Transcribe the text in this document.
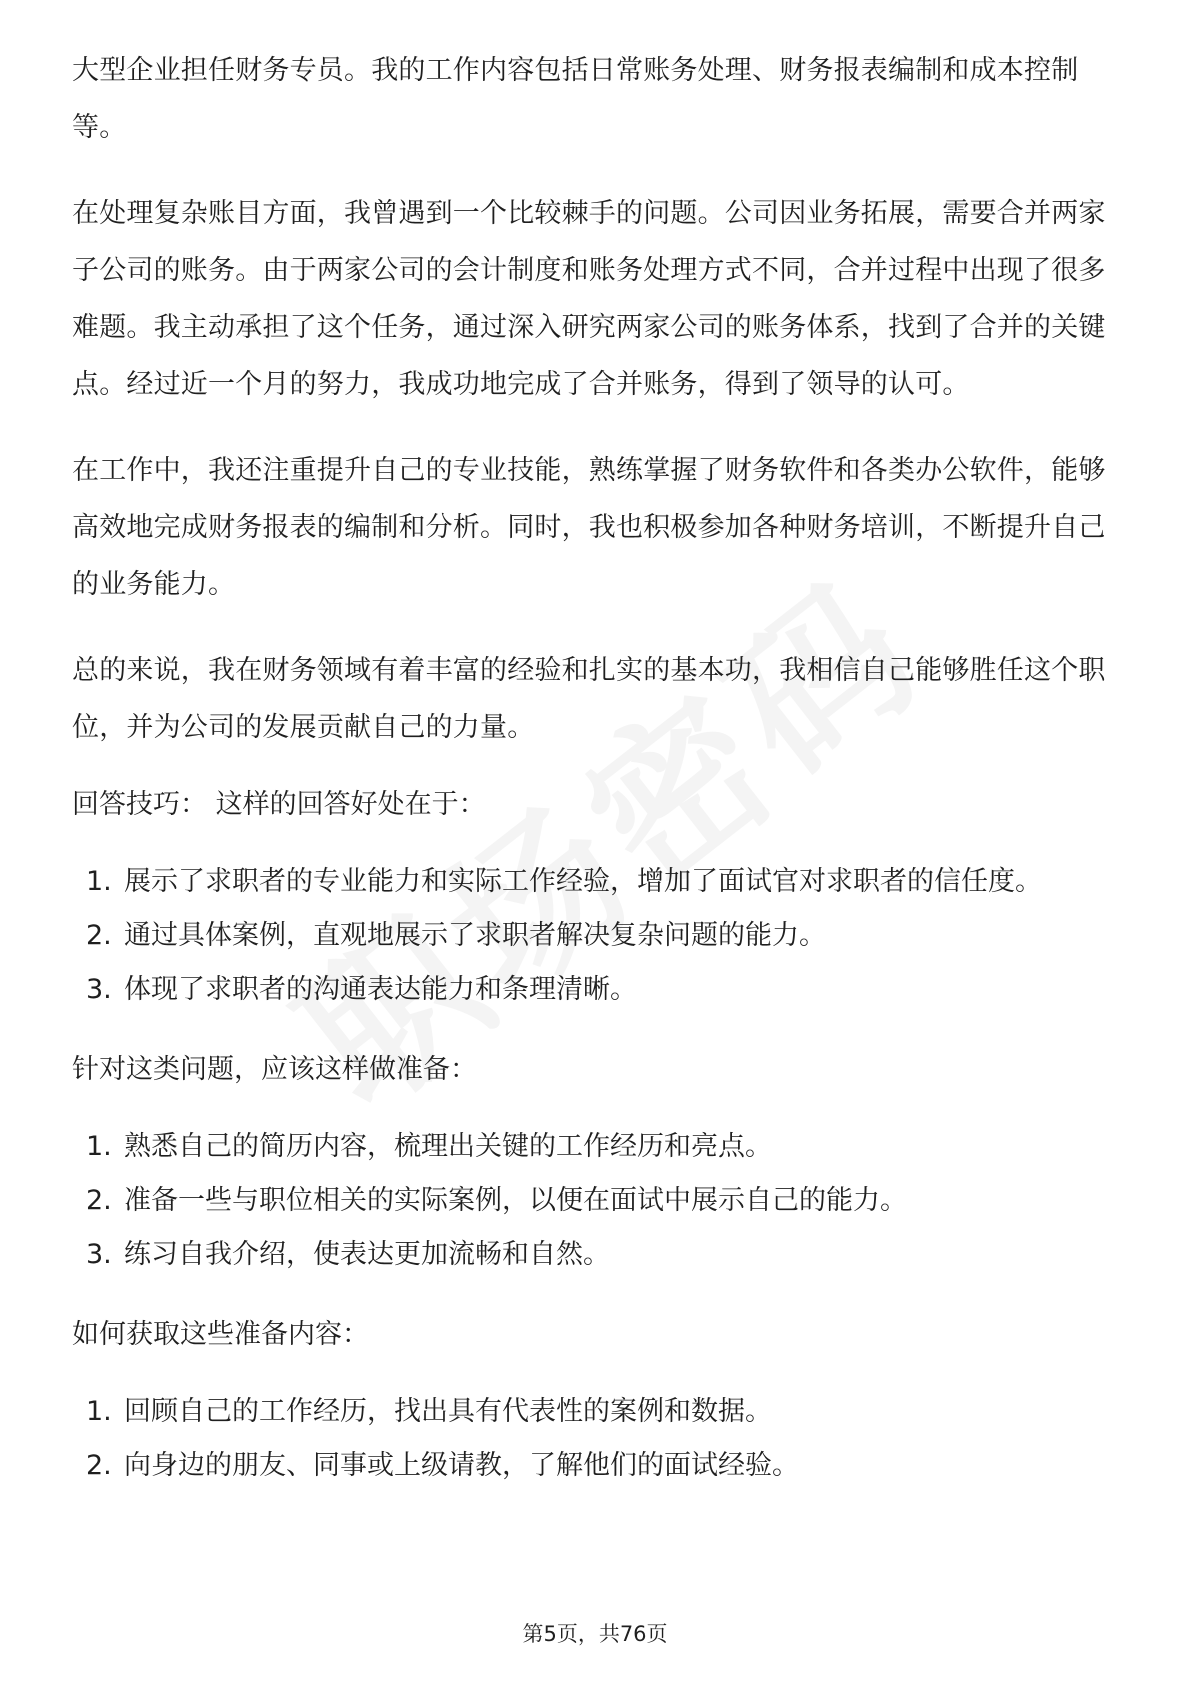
大型企业担任财务专员。我的工作内容包括日常账务处理、财务报表编制和成本控制等。

在处理复杂账目方面，我曾遇到一个比较棘手的问题。公司因业务拓展，需要合并两家子公司的账务。由于两家公司的会计制度和账务处理方式不同，合并过程中出现了很多难题。我主动承担了这个任务，通过深入研究两家公司的账务体系，找到了合并的关键点。经过近一个月的努力，我成功地完成了合并账务，得到了领导的认可。

在工作中，我还注重提升自己的专业技能，熟练掌握了财务软件和各类办公软件，能够高效地完成财务报表的编制和分析。同时，我也积极参加各种财务培训，不断提升自己的业务能力。

总的来说，我在财务领域有着丰富的经验和扎实的基本功，我相信自己能够胜任这个职位，并为公司的发展贡献自己的力量。

回答技巧： 这样的回答好处在于：
1. 展示了求职者的专业能力和实际工作经验，增加了面试官对求职者的信任度。
2. 通过具体案例，直观地展示了求职者解决复杂问题的能力。
3. 体现了求职者的沟通表达能力和条理清晰。
针对这类问题，应该这样做准备：
1. 熟悉自己的简历内容，梳理出关键的工作经历和亮点。
2. 准备一些与职位相关的实际案例，以便在面试中展示自己的能力。
3. 练习自我介绍，使表达更加流畅和自然。
如何获取这些准备内容：
1. 回顾自己的工作经历，找出具有代表性的案例和数据。
2. 向身边的朋友、同事或上级请教，了解他们的面试经验。
第5页，共76页
